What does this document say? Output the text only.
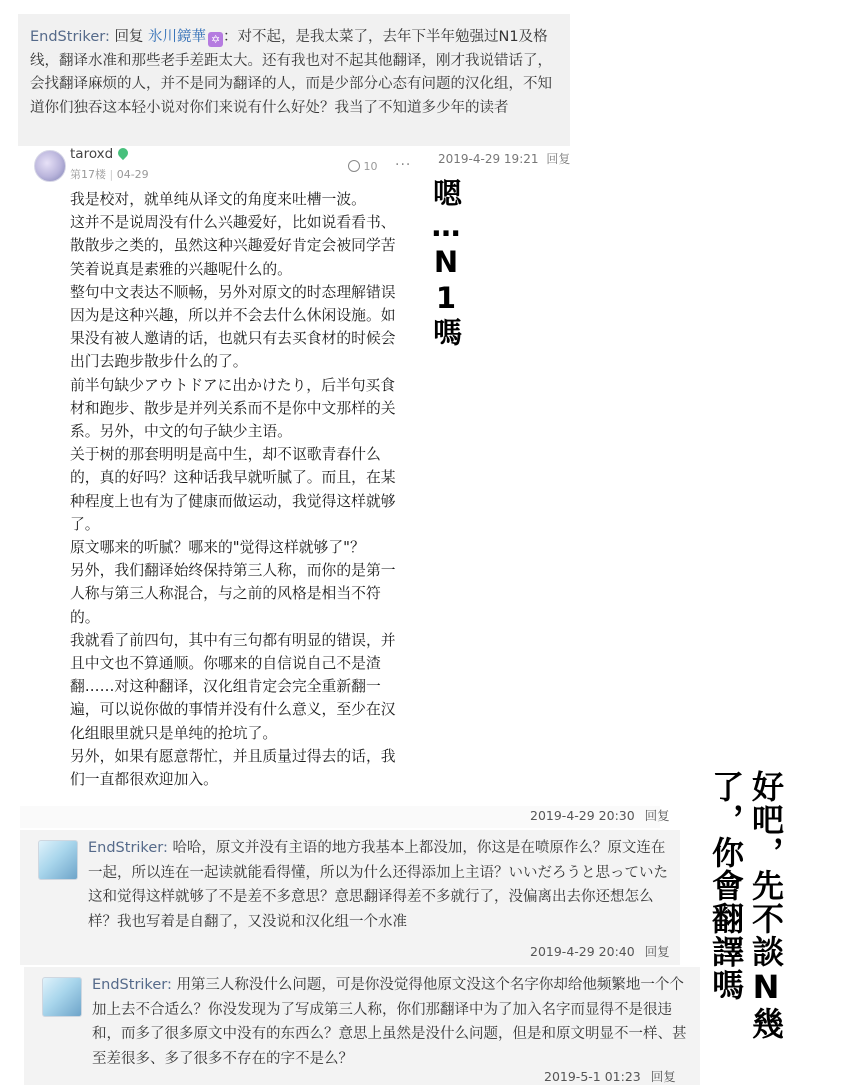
EndStriker: 回复 氷川鏡華 ✡ ：对不起，是我太菜了，去年下半年勉强过N1及格线，翻译水准和那些老手差距太大。还有我也对不起其他翻译，刚才我说错话了，会找翻译麻烦的人，并不是同为翻译的人，而是少部分心态有问题的汉化组，不知道你们独吞这本轻小说对你们来说有什么好处？我当了不知道多少年的读者
taroxd
第17楼 | 04-29
10 ··· 2019-4-29 19:21 回复

我是校对，就单纯从译文的角度来吐槽一波。

这并不是说周没有什么兴趣爱好，比如说看看书、散散步之类的，虽然这种兴趣爱好肯定会被同学苦笑着说真是素雅的兴趣呢什么的。

整句中文表达不顺畅，另外对原文的时态理解错误

因为是这种兴趣，所以并不会去什么休闲设施。如果没有被人邀请的话，也就只有去买食材的时候会出门去跑步散步什么的了。

前半句缺少アウトドアに出かけたり，后半句买食材和跑步、散步是并列关系而不是你中文那样的关系。另外，中文的句子缺少主语。

关于树的那套明明是高中生，却不讴歌青春什么的，真的好吗？这种话我早就听腻了。而且，在某种程度上也有为了健康而做运动，我觉得这样就够了。

原文哪来的听腻？哪来的"觉得这样就够了"？

另外，我们翻译始终保持第三人称，而你的是第一人称与第三人称混合，与之前的风格是相当不符的。

我就看了前四句，其中有三句都有明显的错误，并且中文也不算通顺。你哪来的自信说自己不是渣翻……对这种翻译，汉化组肯定会完全重新翻一遍，可以说你做的事情并没有什么意义，至少在汉化组眼里就只是单纯的抢坑了。

另外，如果有愿意帮忙，并且质量过得去的话，我们一直都很欢迎加入。

嗯…N1嗎
好吧，先不談N幾了，你會翻譯嗎
2019-4-29 20:30 回复
EndStriker: 哈哈，原文并没有主语的地方我基本上都没加，你这是在喷原作么？原文连在一起，所以连在一起读就能看得懂，所以为什么还得添加上主语？いいだろうと思っていた这和觉得这样就够了不是差不多意思？意思翻译得差不多就行了，没偏离出去你还想怎么样？我也写着是自翻了，又没说和汉化组一个水准
2019-4-29 20:40 回复
EndStriker: 用第三人称没什么问题，可是你没觉得他原文没这个名字你却给他频繁地一个个加上去不合适么？你没发现为了写成第三人称，你们那翻译中为了加入名字而显得不是很违和，而多了很多原文中没有的东西么？意思上虽然是没什么问题，但是和原文明显不一样、甚至差很多、多了很多不存在的字不是么？
2019-5-1 01:23 回复
